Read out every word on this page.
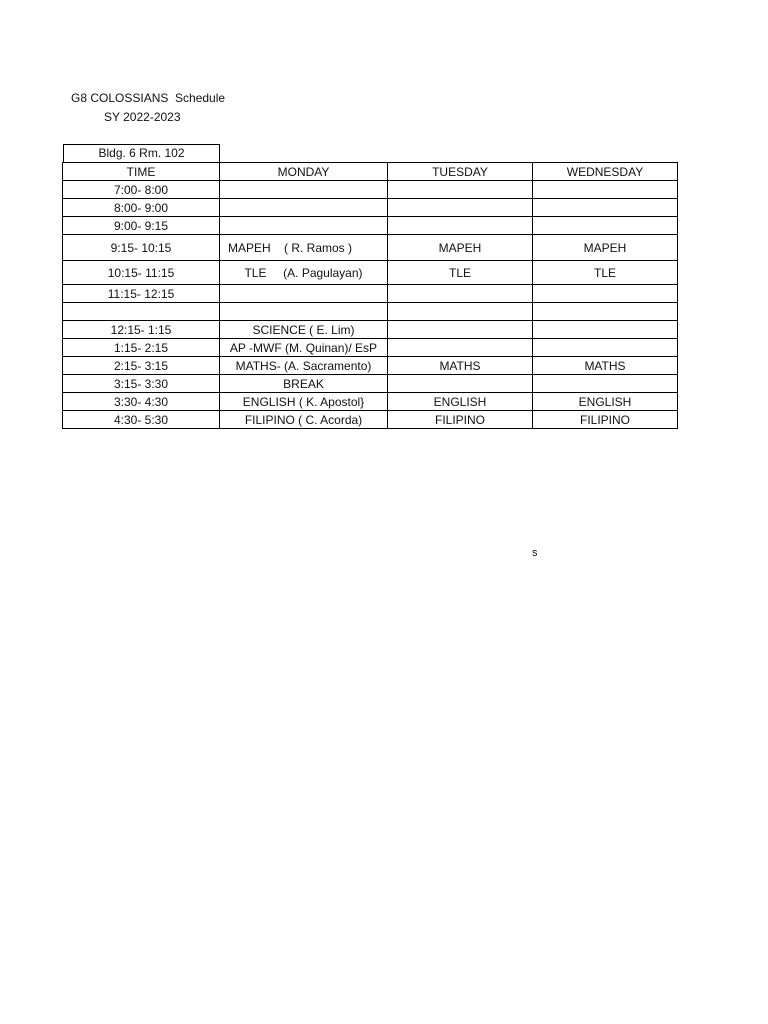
G8 COLOSSIANS  Schedule
SY 2022-2023
Bldg. 6 Rm. 102
TIME	MONDAY	TUESDAY	WEDNESDAY
7:00- 8:00			
8:00- 9:00			
9:00- 9:15			
9:15- 10:15	MAPEH    ( R. Ramos )	MAPEH	MAPEH
10:15- 11:15	TLE     (A. Pagulayan)	TLE	TLE
11:15- 12:15			

12:15- 1:15	SCIENCE ( E. Lim)		
1:15- 2:15	AP -MWF (M. Quinan)/ EsP		
2:15- 3:15	MATHS- (A. Sacramento)	MATHS	MATHS
3:15- 3:30	BREAK		
3:30- 4:30	ENGLISH ( K. Apostol}	ENGLISH	ENGLISH
4:30- 5:30	FILIPINO ( C. Acorda)	FILIPINO	FILIPINO
s
